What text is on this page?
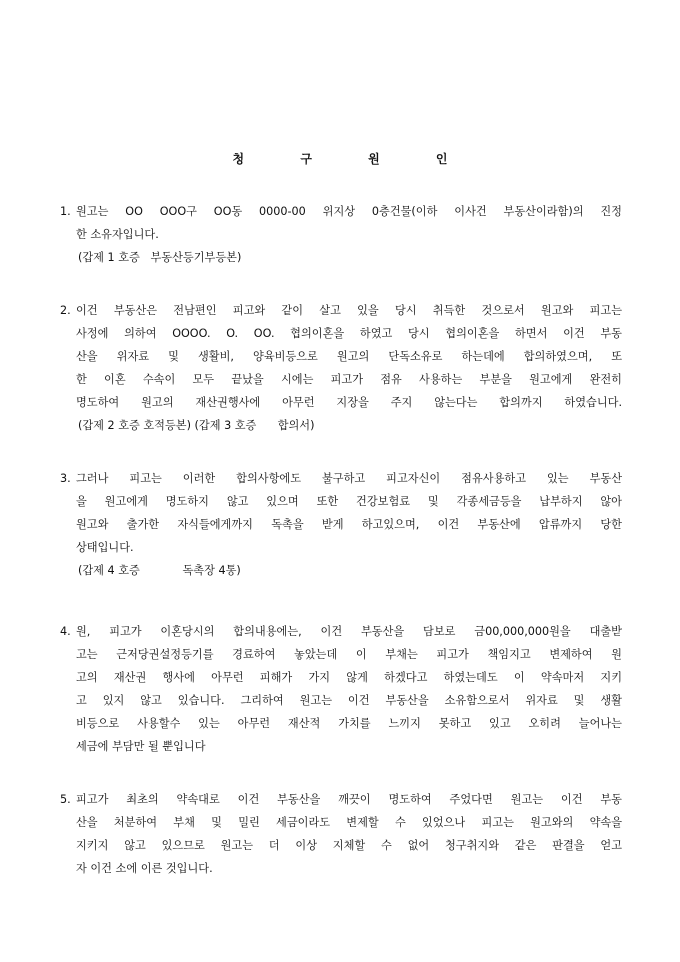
청 구 원 인
1. 원고는 OO OOO구 OO동 0000-00 위지상 0층건물(이하 이사건 부동산이라함)의 진정
한 소유자입니다.
(갑제 1 호증   부동산등기부등본)
2. 이건 부동산은 전남편인 피고와 같이 살고 있을 당시 취득한 것으로서 원고와 피고는
사정에 의하여 OOOO. O. OO. 협의이혼을 하였고 당시 협의이혼을 하면서 이건 부동
산을 위자료 및 생활비, 양육비등으로 원고의 단독소유로 하는데에 합의하였으며, 또
한 이혼 수속이 모두 끝났을 시에는 피고가 점유 사용하는 부분을 원고에게 완전히
명도하여 원고의 재산권행사에 아무런 지장을 주지 않는다는 합의까지 하였습니다.
(갑제 2 호증 호적등본) (갑제 3 호증      합의서)
3. 그러나 피고는 이러한 합의사항에도 불구하고 피고자신이 점유사용하고 있는 부동산
을 원고에게 명도하지 않고 있으며 또한 건강보험료 및 각종세금등을 납부하지 않아
원고와 출가한 자식들에게까지 독촉을 받게 하고있으며, 이건 부동산에 압류까지 당한
상태입니다.
(갑제 4 호증            독촉장 4통)
4. 원, 피고가 이혼당시의 합의내용에는, 이건 부동산을 담보로 금00,000,000원을 대출받
고는 근저당권설정등기를 경료하여 놓았는데 이 부채는 피고가 책임지고 변제하여 원
고의 재산권 행사에 아무런 피해가 가지 않게 하겠다고 하였는데도 이 약속마저 지키
고 있지 않고 있습니다. 그리하여 원고는 이건 부동산을 소유함으로서 위자료 및 생활
비등으로 사용할수 있는 아무런 재산적 가치를 느끼지 못하고 있고 오히려 늘어나는
세금에 부담만 될 뿐입니다
5. 피고가 최초의 약속대로 이건 부동산을 깨끗이 명도하여 주었다면 원고는 이건 부동
산을 처분하여 부채 및 밀린 세금이라도 변제할 수 있었으나 피고는 원고와의 약속을
지키지 않고 있으므로 원고는 더 이상 지체할 수 없어 청구취지와 같은 판결을 얻고
자 이건 소에 이른 것입니다.
